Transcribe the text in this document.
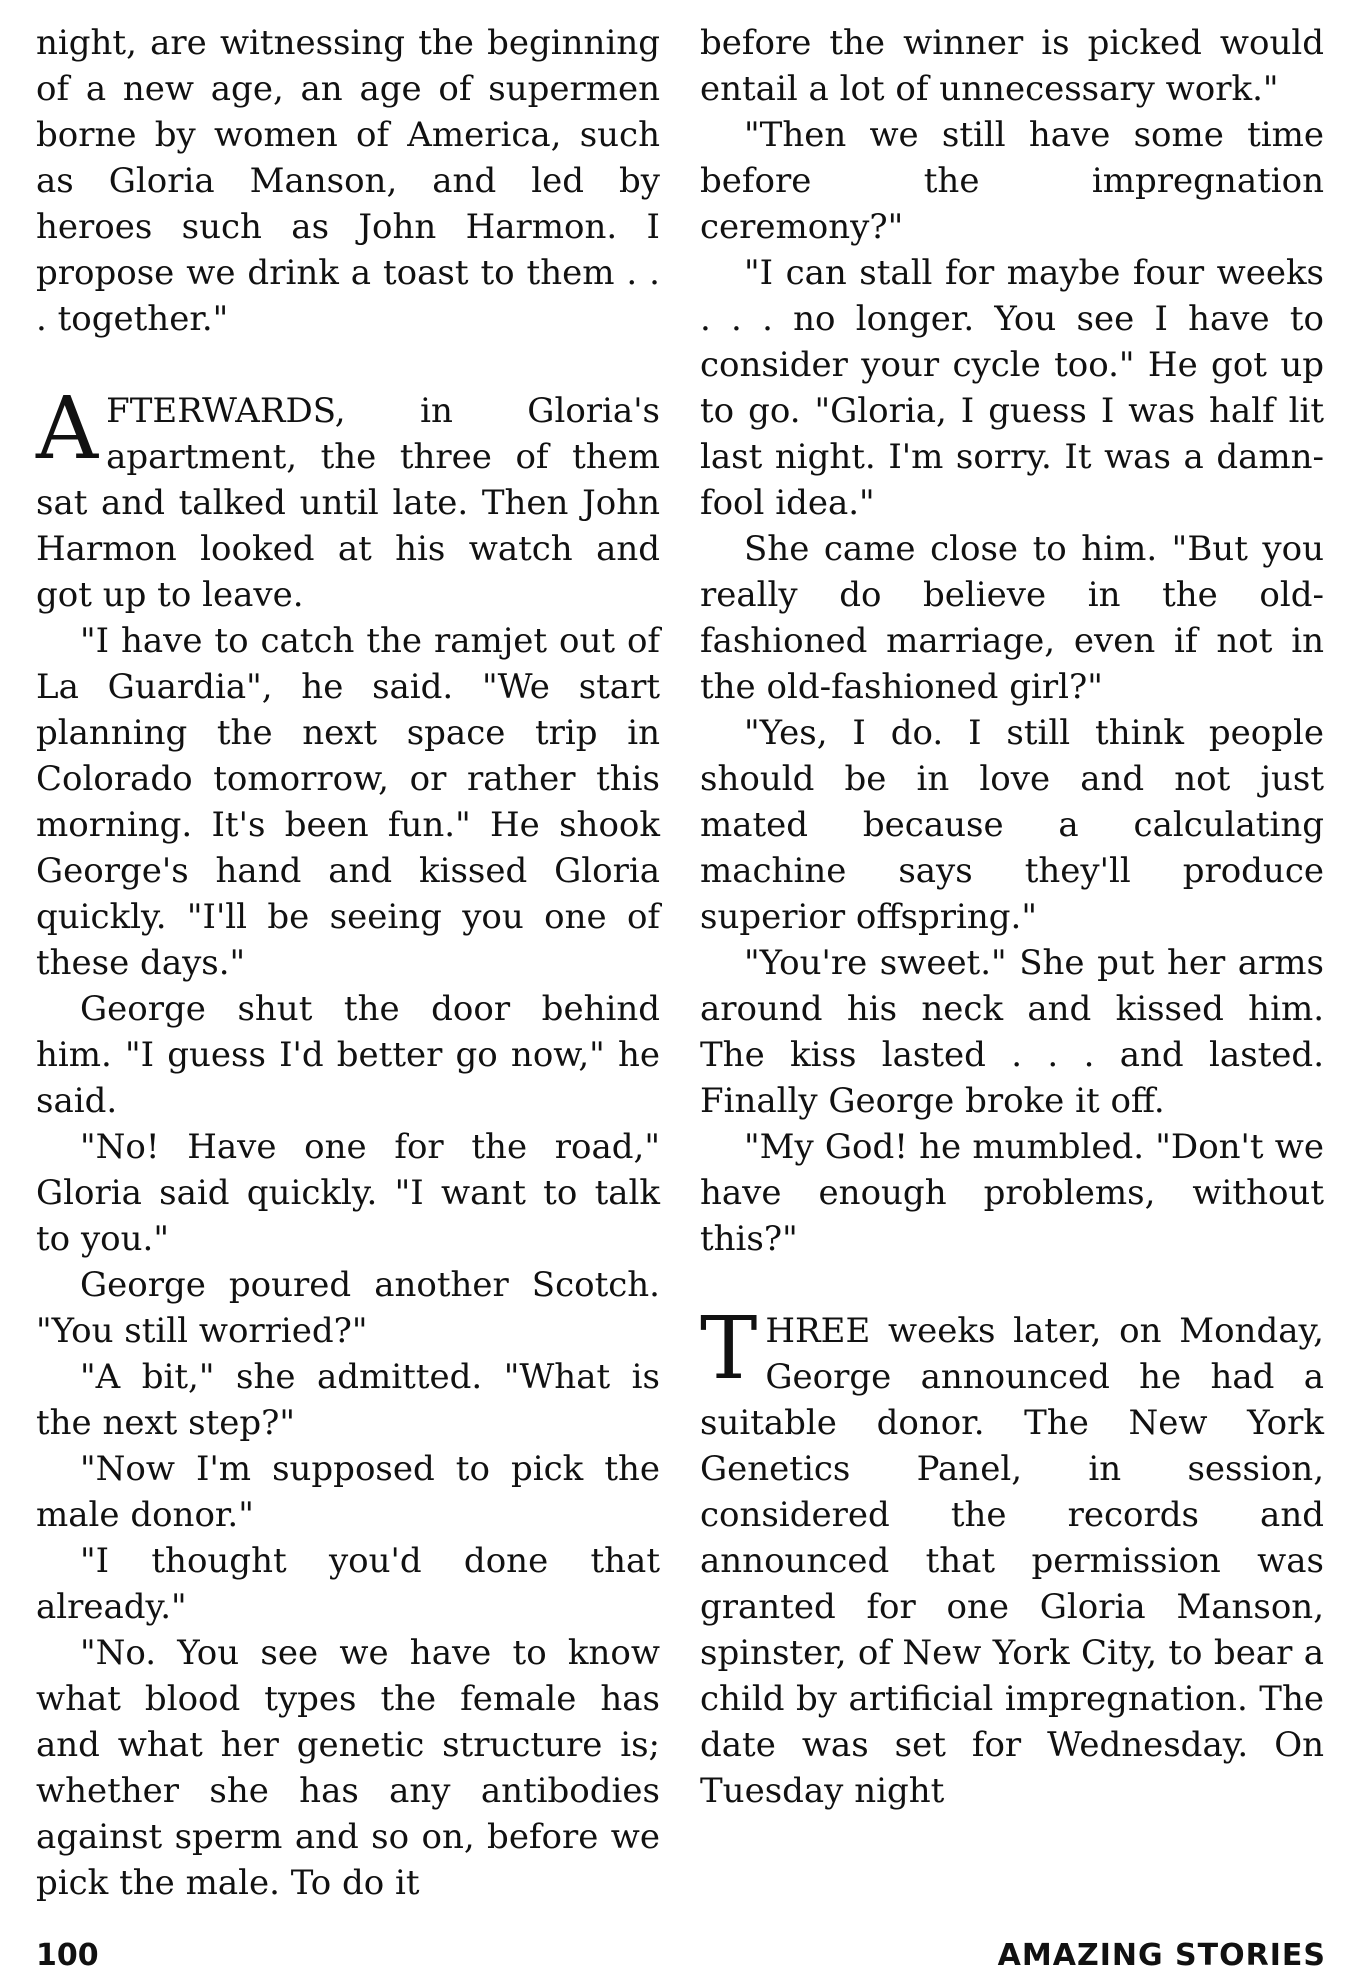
night, are witnessing the beginning of a new age, an age of supermen borne by women of America, such as Gloria Manson, and led by heroes such as John Harmon. I propose we drink a toast to them . . . together."

AFTERWARDS, in Gloria's apartment, the three of them sat and talked until late. Then John Harmon looked at his watch and got up to leave.

"I have to catch the ramjet out of La Guardia", he said. "We start planning the next space trip in Colorado tomorrow, or rather this morning. It's been fun." He shook George's hand and kissed Gloria quickly. "I'll be seeing you one of these days."

George shut the door behind him. "I guess I'd better go now," he said.

"No! Have one for the road," Gloria said quickly. "I want to talk to you."

George poured another Scotch. "You still worried?"

"A bit," she admitted. "What is the next step?"

"Now I'm supposed to pick the male donor."

"I thought you'd done that already."

"No. You see we have to know what blood types the female has and what her genetic structure is; whether she has any antibodies against sperm and so on, before we pick the male. To do it

before the winner is picked would entail a lot of unnecessary work."

"Then we still have some time before the impregnation ceremony?"

"I can stall for maybe four weeks . . . no longer. You see I have to consider your cycle too." He got up to go. "Gloria, I guess I was half lit last night. I'm sorry. It was a damn-fool idea."

She came close to him. "But you really do believe in the old-fashioned marriage, even if not in the old-fashioned girl?"

"Yes, I do. I still think people should be in love and not just mated because a calculating machine says they'll produce superior offspring."

"You're sweet." She put her arms around his neck and kissed him. The kiss lasted . . . and lasted. Finally George broke it off.

"My God! he mumbled. "Don't we have enough problems, without this?"

THREE weeks later, on Monday, George announced he had a suitable donor. The New York Genetics Panel, in session, considered the records and announced that permission was granted for one Gloria Manson, spinster, of New York City, to bear a child by artificial impregnation. The date was set for Wednesday. On Tuesday night

100	AMAZING STORIES
